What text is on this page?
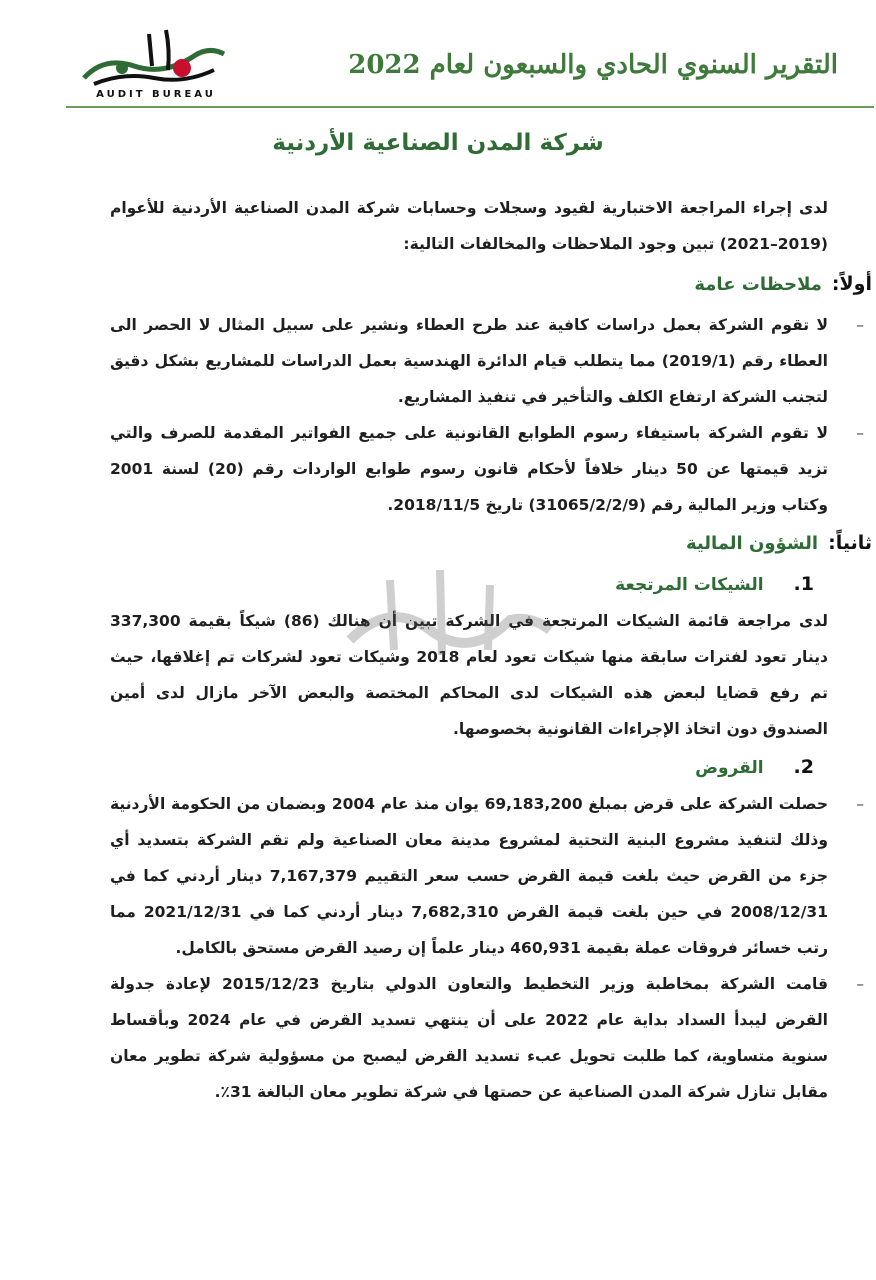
AUDIT BUREAU
التقرير السنوي الحادي والسبعون لعام 2022
شركة المدن الصناعية الأردنية

لدى إجراء المراجعة الاختبارية لقيود وسجلات وحسابات شركة المدن الصناعية الأردنية للأعوام (2019–2021) تبين وجود الملاحظات والمخالفات التالية:

أولاً:
ملاحظات عامة

–
لا تقوم الشركة بعمل دراسات كافية عند طرح العطاء ونشير على سبيل المثال لا الحصر الى العطاء رقم (2019/1) مما يتطلب قيام الدائرة الهندسية بعمل الدراسات للمشاريع بشكل دقيق لتجنب الشركة ارتفاع الكلف والتأخير في تنفيذ المشاريع.

–
لا تقوم الشركة باستيفاء رسوم الطوابع القانونية على جميع الفواتير المقدمة للصرف والتي تزيد قيمتها عن 50 دينار خلافاً لأحكام قانون رسوم طوابع الواردات رقم (20) لسنة 2001 وكتاب وزير المالية رقم (31065/2/2/9) تاريخ 2018/11/5.

ثانياً:
الشؤون المالية
1.
الشيكات المرتجعة

لدى مراجعة قائمة الشيكات المرتجعة في الشركة تبين أن هنالك (86) شيكاً بقيمة 337,300 دينار تعود لفترات سابقة منها شيكات تعود لعام 2018 وشيكات تعود لشركات تم إغلاقها، حيث تم رفع قضايا لبعض هذه الشيكات لدى المحاكم المختصة والبعض الآخر مازال لدى أمين الصندوق دون اتخاذ الإجراءات القانونية بخصوصها.

2.
القروض

–
حصلت الشركة على قرض بمبلغ 69,183,200 يوان منذ عام 2004 وبضمان من الحكومة الأردنية وذلك لتنفيذ مشروع البنية التحتية لمشروع مدينة معان الصناعية ولم تقم الشركة بتسديد أي جزء من القرض حيث بلغت قيمة القرض حسب سعر التقييم 7,167,379 دينار أردني كما في 2008/12/31 في حين بلغت قيمة القرض 7,682,310 دينار أردني كما في 2021/12/31 مما رتب خسائر فروقات عملة بقيمة 460,931 دينار علماً إن رصيد القرض مستحق بالكامل.

–
قامت الشركة بمخاطبة وزير التخطيط والتعاون الدولي بتاريخ 2015/12/23 لإعادة جدولة القرض ليبدأ السداد بداية عام 2022 على أن ينتهي تسديد القرض في عام 2024 وبأقساط سنوية متساوية، كما طلبت تحويل عبء تسديد القرض ليصبح من مسؤولية شركة تطوير معان مقابل تنازل شركة المدن الصناعية عن حصتها في شركة تطوير معان البالغة 31٪.
